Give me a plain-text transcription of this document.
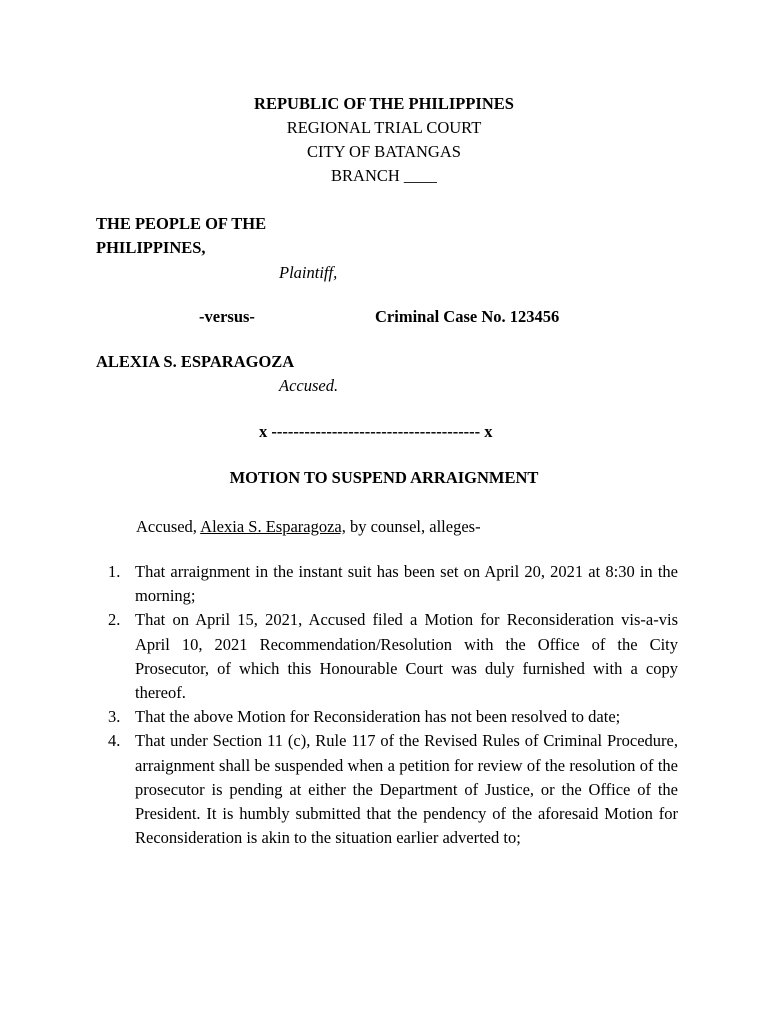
REPUBLIC OF THE PHILIPPINES
REGIONAL TRIAL COURT
CITY OF BATANGAS
BRANCH ____
THE PEOPLE OF THE
PHILIPPINES,
Plaintiff,
-versus-	Criminal Case No. 123456
ALEXIA S. ESPARAGOZA
Accused.
x -------------------------------------- x
MOTION TO SUSPEND ARRAIGNMENT
Accused, Alexia S. Esparagoza, by counsel, alleges-
1. That arraignment in the instant suit has been set on April 20, 2021 at 8:30 in the morning;
2. That on April 15, 2021, Accused filed a Motion for Reconsideration vis-a-vis April 10, 2021 Recommendation/Resolution with the Office of the City Prosecutor, of which this Honourable Court was duly furnished with a copy thereof.
3. That the above Motion for Reconsideration has not been resolved to date;
4. That under Section 11 (c), Rule 117 of the Revised Rules of Criminal Procedure, arraignment shall be suspended when a petition for review of the resolution of the prosecutor is pending at either the Department of Justice, or the Office of the President. It is humbly submitted that the pendency of the aforesaid Motion for Reconsideration is akin to the situation earlier adverted to;
